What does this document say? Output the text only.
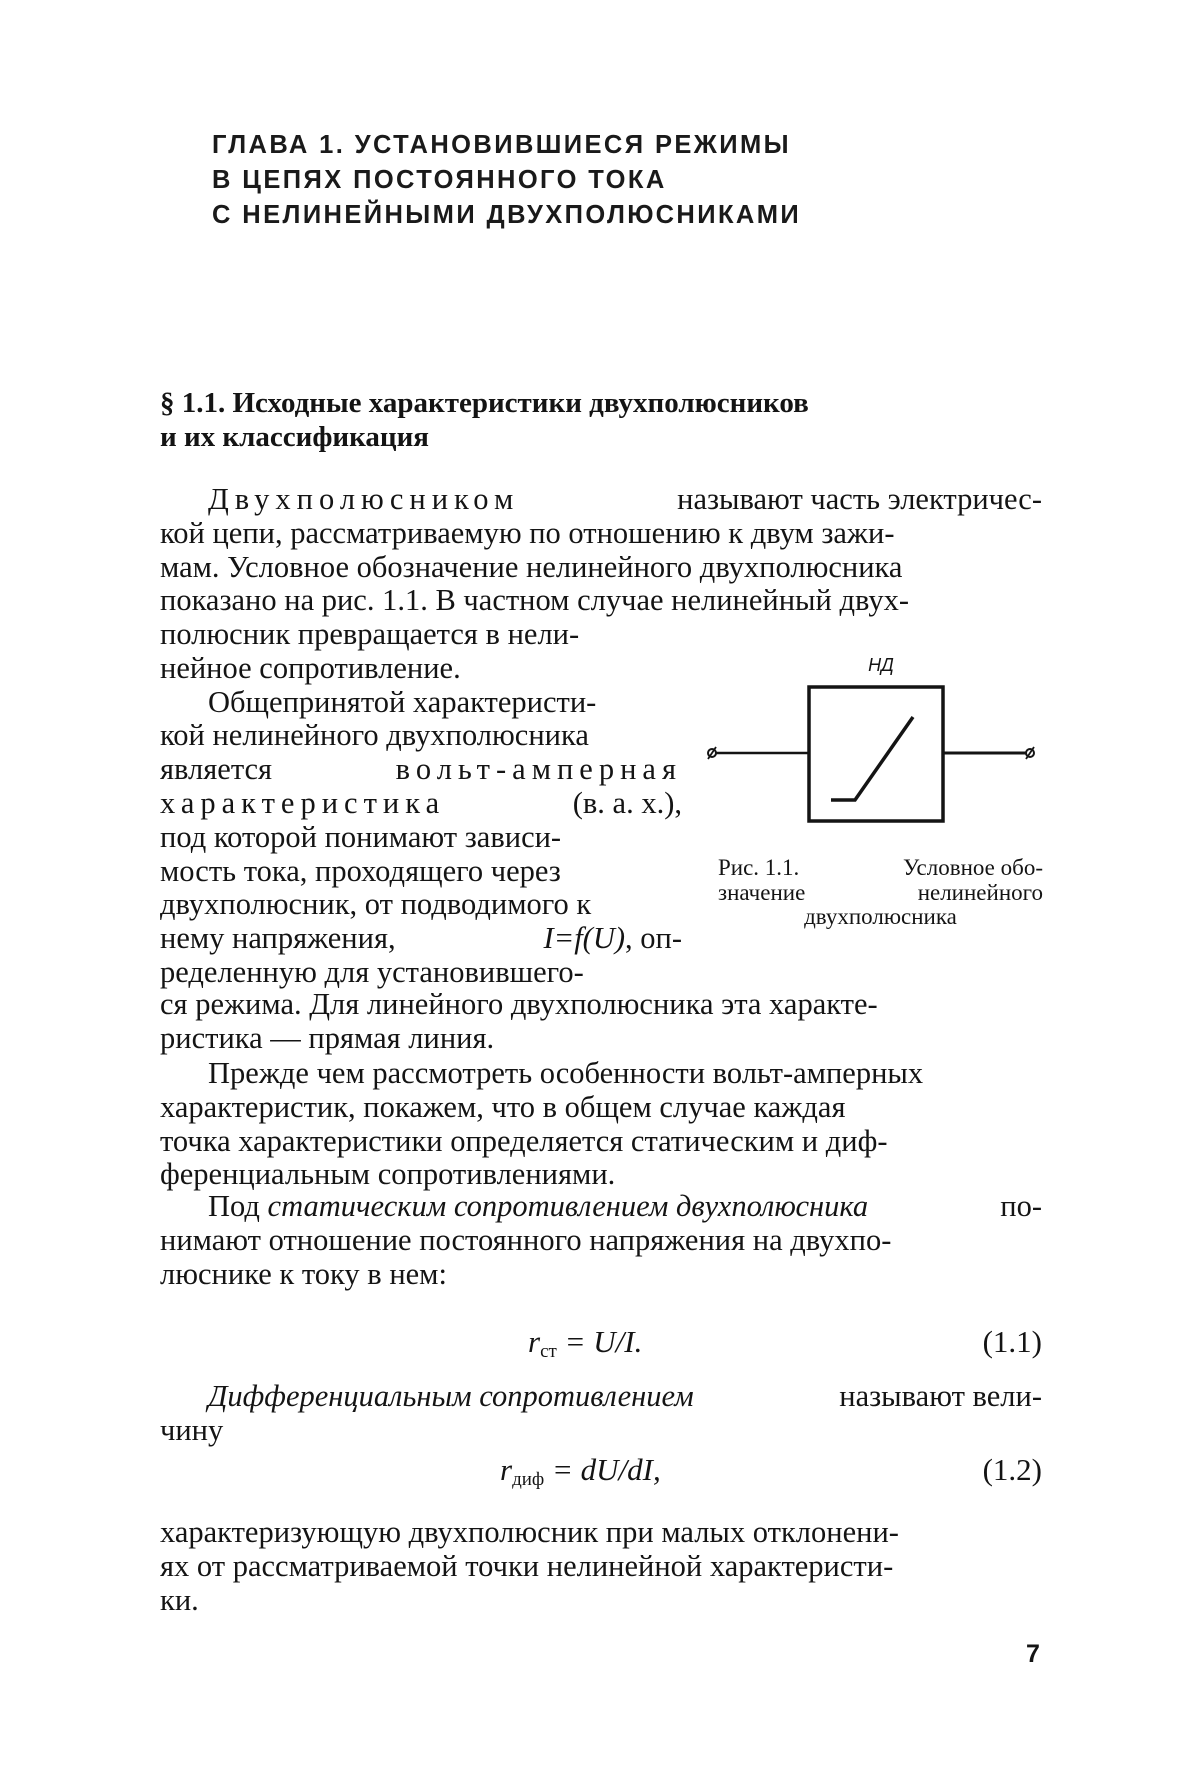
ГЛАВА 1. УСТАНОВИВШИЕСЯ РЕЖИМЫ
В ЦЕПЯХ ПОСТОЯННОГО ТОКА
С НЕЛИНЕЙНЫМИ ДВУХПОЛЮСНИКАМИ
§ 1.1. Исходные характеристики двухполюсников
и их классификация
Двухполюсником	называют часть электричес-
кой цепи, рассматриваемую по отношению к двум зажи-
мам. Условное обозначение нелинейного двухполюсника
показано на рис. 1.1. В частном случае нелинейный двух-
полюсник превращается в нели-
нейное сопротивление.
Общепринятой характеристи-
кой нелинейного двухполюсника
является	вольт-амперная
характеристика	(в. а. х.),
под которой понимают зависи-
мость тока, проходящего через
двухполюсник, от подводимого к
нему напряжения,	I=f(U), оп-
ределенную для установившего-
ся режима. Для линейного двухполюсника эта характе-
ристика — прямая линия.
Прежде чем рассмотреть особенности вольт-амперных
характеристик, покажем, что в общем случае каждая
точка характеристики определяется статическим и диф-
ференциальным сопротивлениями.
Под статическим сопротивлением двухполюсника	по-
нимают отношение постоянного напряжения на двухпо-
люснике к току в нем:
$r_{ст} = U/I$.	(1.1)
Дифференциальным сопротивлением	называют вели-
чину
$r_{диф} = dU/dI$,	(1.2)
характеризующую двухполюсник при малых отклонени-
ях от рассматриваемой точки нелинейной характеристи-
ки.
НД
Рис. 1.1.	Условное обо-
значение	нелинейного
двухполюсника
7
